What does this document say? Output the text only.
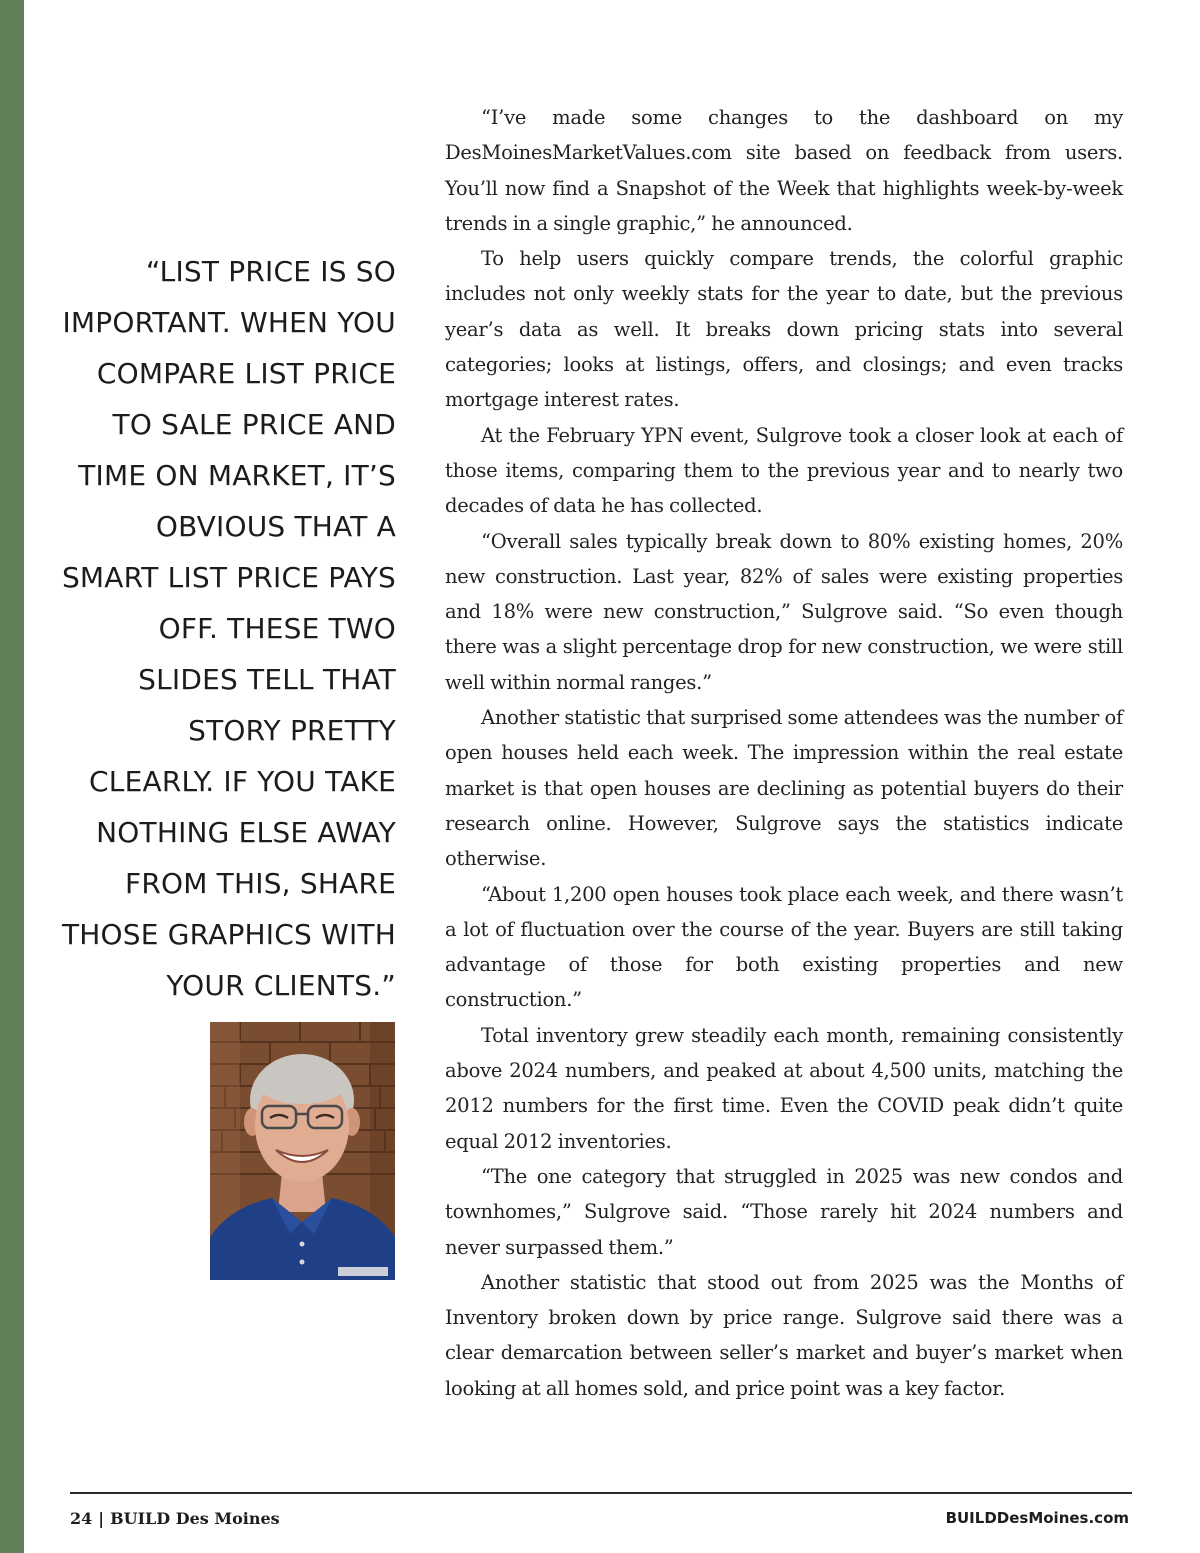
“LIST PRICE IS SO IMPORTANT. WHEN YOU COMPARE LIST PRICE TO SALE PRICE AND TIME ON MARKET, IT’S OBVIOUS THAT A SMART LIST PRICE PAYS OFF. THESE TWO SLIDES TELL THAT STORY PRETTY CLEARLY. IF YOU TAKE NOTHING ELSE AWAY FROM THIS, SHARE THOSE GRAPHICS WITH YOUR CLIENTS.”

“I’ve made some changes to the dashboard on my DesMoinesMarketValues.com site based on feedback from users. You’ll now find a Snapshot of the Week that highlights week-by-week trends in a single graphic,” he announced.

To help users quickly compare trends, the colorful graphic includes not only weekly stats for the year to date, but the previous year’s data as well. It breaks down pricing stats into several categories; looks at listings, offers, and closings; and even tracks mortgage interest rates.

At the February YPN event, Sulgrove took a closer look at each of those items, comparing them to the previous year and to nearly two decades of data he has collected.

“Overall sales typically break down to 80% existing homes, 20% new construction. Last year, 82% of sales were existing properties and 18% were new construction,” Sulgrove said. “So even though there was a slight percentage drop for new construction, we were still well within normal ranges.”

Another statistic that surprised some attendees was the number of open houses held each week. The impression within the real estate market is that open houses are declining as potential buyers do their research online. However, Sulgrove says the statistics indicate otherwise.

“About 1,200 open houses took place each week, and there wasn’t a lot of fluctuation over the course of the year. Buyers are still taking advantage of those for both existing properties and new construction.”

Total inventory grew steadily each month, remaining consistently above 2024 numbers, and peaked at about 4,500 units, matching the 2012 numbers for the first time. Even the COVID peak didn’t quite equal 2012 inventories.

“The one category that struggled in 2025 was new condos and townhomes,” Sulgrove said. “Those rarely hit 2024 numbers and never surpassed them.”

Another statistic that stood out from 2025 was the Months of Inventory broken down by price range. Sulgrove said there was a clear demarcation between seller’s market and buyer’s market when looking at all homes sold, and price point was a key factor.

24 | BUILD Des Moines	BUILDDesMoines.com
